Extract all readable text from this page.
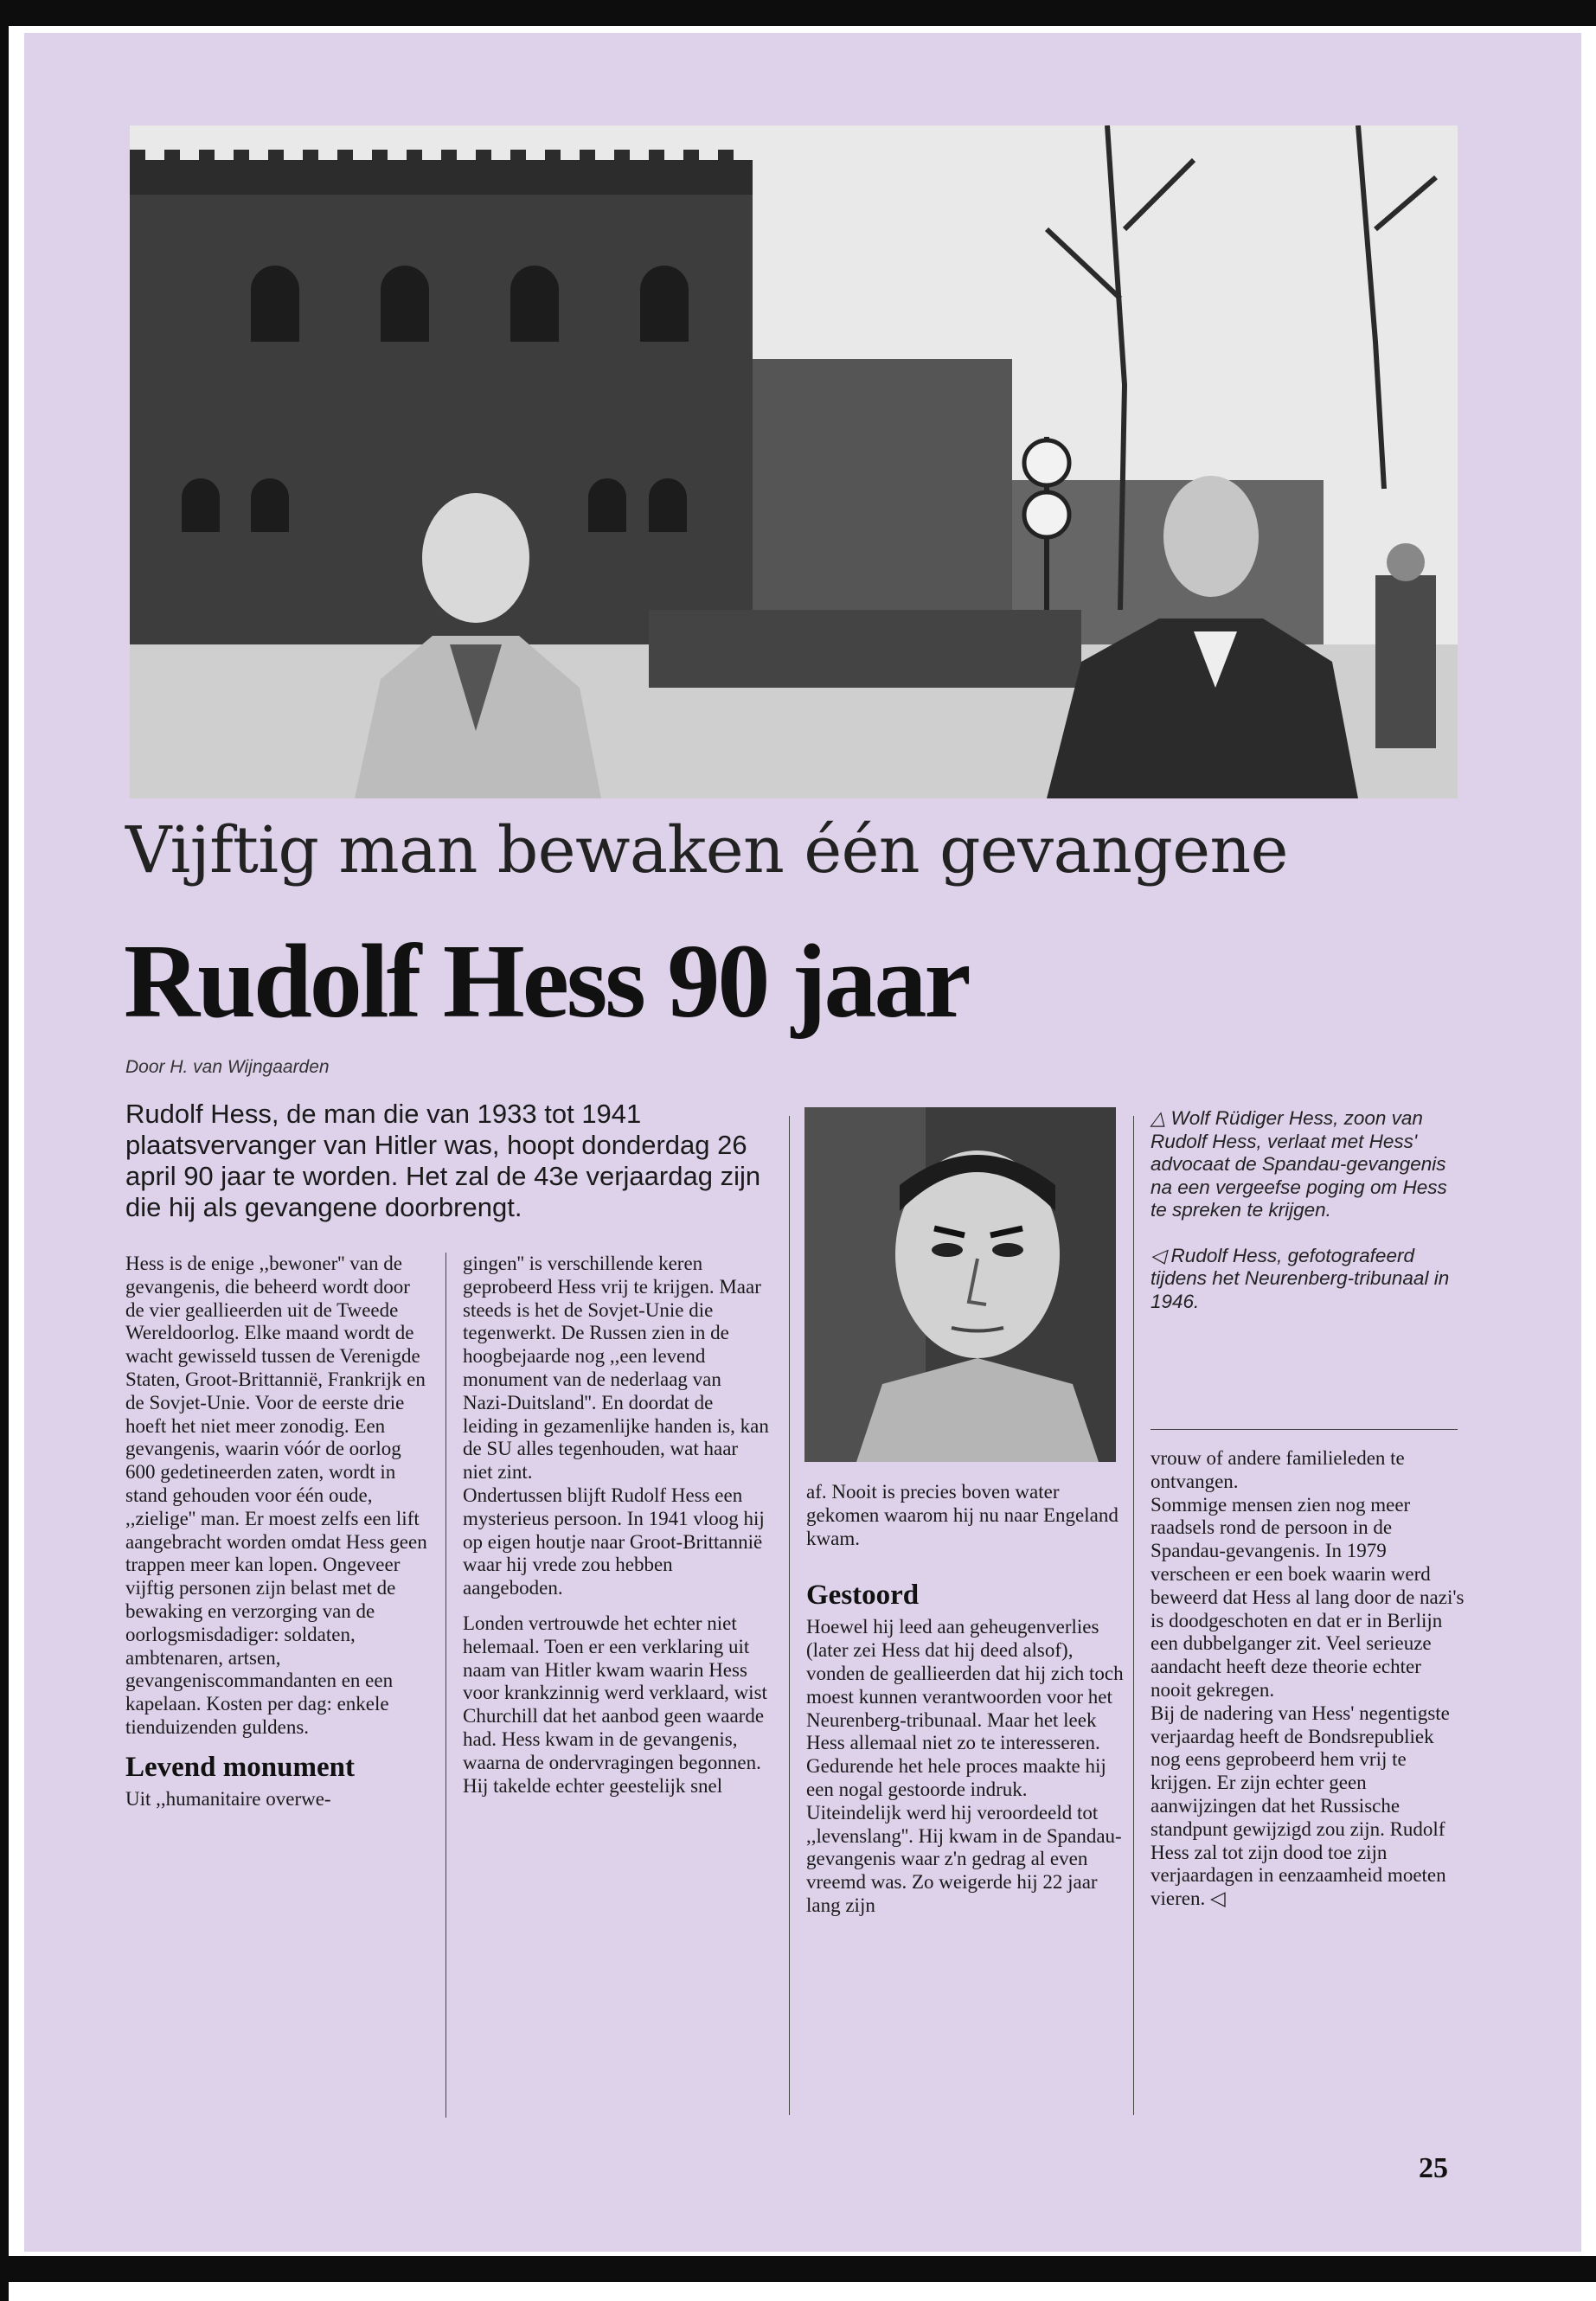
Vijftig man bewaken één gevangene
Rudolf Hess 90 jaar
Door H. van Wijngaarden
Rudolf Hess, de man die van 1933 tot 1941 plaatsvervanger van Hitler was, hoopt donderdag 26 april 90 jaar te worden. Het zal de 43e verjaardag zijn die hij als gevangene doorbrengt.

△ Wolf Rüdiger Hess, zoon van Rudolf Hess, verlaat met Hess' advocaat de Spandau-gevangenis na een vergeefse poging om Hess te spreken te krijgen.

◁ Rudolf Hess, gefotografeerd tijdens het Neurenberg-tribunaal in 1946.

Hess is de enige ,,bewoner'' van de gevangenis, die beheerd wordt door de vier geallieerden uit de Tweede Wereldoorlog. Elke maand wordt de wacht gewisseld tussen de Verenigde Staten, Groot-Brittannië, Frankrijk en de Sovjet-Unie. Voor de eerste drie hoeft het niet meer zonodig. Een gevangenis, waarin vóór de oorlog 600 gedetineerden zaten, wordt in stand gehouden voor één oude, ,,zielige'' man. Er moest zelfs een lift aangebracht worden omdat Hess geen trappen meer kan lopen. Ongeveer vijftig personen zijn belast met de bewaking en verzorging van de oorlogsmisdadiger: soldaten, ambtenaren, artsen, gevangeniscommandanten en een kapelaan. Kosten per dag: enkele tienduizenden guldens.

Levend monument

Uit ,,humanitaire overwe-

gingen'' is verschillende keren geprobeerd Hess vrij te krijgen. Maar steeds is het de Sovjet-Unie die tegenwerkt. De Russen zien in de hoogbejaarde nog ,,een levend monument van de nederlaag van Nazi-Duitsland''. En doordat de leiding in gezamenlijke handen is, kan de SU alles tegenhouden, wat haar niet zint.

Ondertussen blijft Rudolf Hess een mysterieus persoon. In 1941 vloog hij op eigen houtje naar Groot-Brittannië waar hij vrede zou hebben aangeboden.

Londen vertrouwde het echter niet helemaal. Toen er een verklaring uit naam van Hitler kwam waarin Hess voor krankzinnig werd verklaard, wist Churchill dat het aanbod geen waarde had. Hess kwam in de gevangenis, waarna de ondervragingen begonnen. Hij takelde echter geestelijk snel

af. Nooit is precies boven water gekomen waarom hij nu naar Engeland kwam.

Gestoord

Hoewel hij leed aan geheugenverlies (later zei Hess dat hij deed alsof), vonden de geallieerden dat hij zich toch moest kunnen verantwoorden voor het Neurenberg-tribunaal. Maar het leek Hess allemaal niet zo te interesseren. Gedurende het hele proces maakte hij een nogal gestoorde indruk. Uiteindelijk werd hij veroordeeld tot ,,levenslang''. Hij kwam in de Spandau-gevangenis waar z'n gedrag al even vreemd was. Zo weigerde hij 22 jaar lang zijn

vrouw of andere familieleden te ontvangen.

Sommige mensen zien nog meer raadsels rond de persoon in de Spandau-gevangenis. In 1979 verscheen er een boek waarin werd beweerd dat Hess al lang door de nazi's is doodgeschoten en dat er in Berlijn een dubbelganger zit. Veel serieuze aandacht heeft deze theorie echter nooit gekregen.

Bij de nadering van Hess' negentigste verjaardag heeft de Bondsrepubliek nog eens geprobeerd hem vrij te krijgen. Er zijn echter geen aanwijzingen dat het Russische standpunt gewijzigd zou zijn. Rudolf Hess zal tot zijn dood toe zijn verjaardagen in eenzaamheid moeten vieren. ◁

25
